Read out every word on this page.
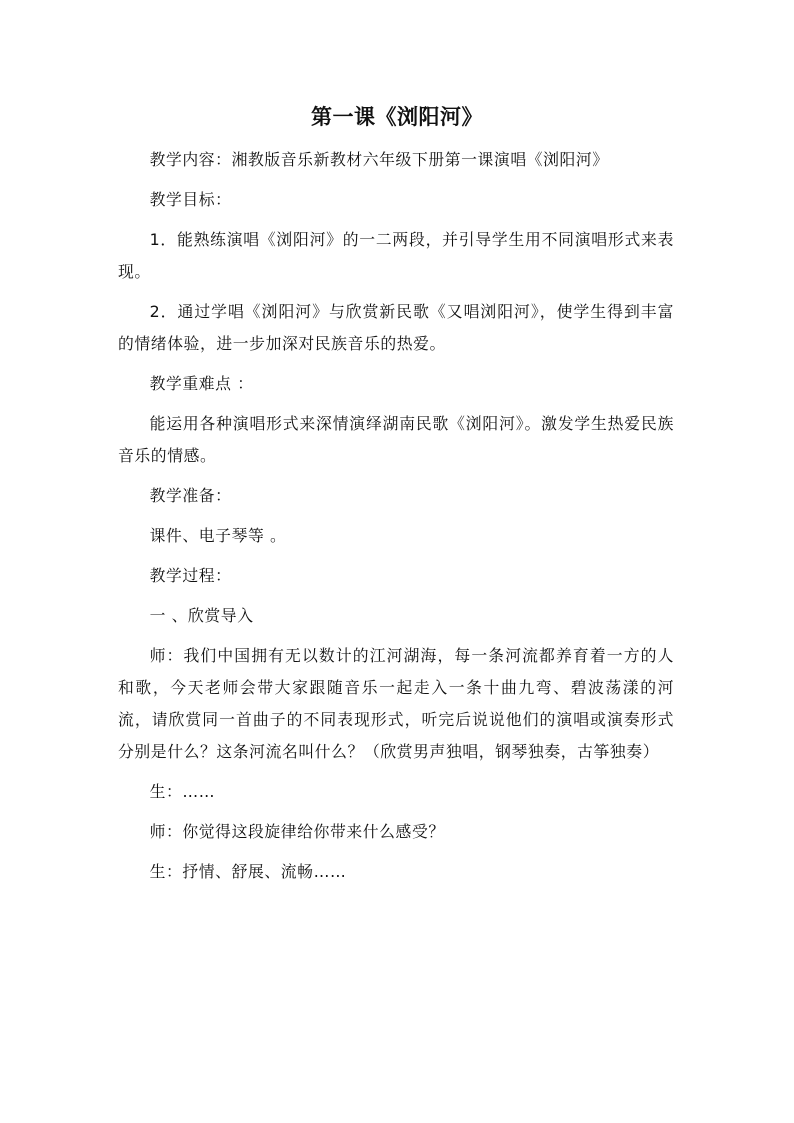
第一课《浏阳河》

教学内容：湘教版音乐新教材六年级下册第一课演唱《浏阳河》

教学目标：

1．能熟练演唱《浏阳河》的一二两段，并引导学生用不同演唱形式来表现。

2．通过学唱《浏阳河》与欣赏新民歌《又唱浏阳河》，使学生得到丰富的情绪体验，进一步加深对民族音乐的热爱。

教学重难点 ：

能运用各种演唱形式来深情演绎湖南民歌《浏阳河》。激发学生热爱民族音乐的情感。

教学准备：

课件、电子琴等 。

教学过程：

一 、欣赏导入

师：我们中国拥有无以数计的江河湖海，每一条河流都养育着一方的人和歌，今天老师会带大家跟随音乐一起走入一条十曲九弯、碧波荡漾的河流，请欣赏同一首曲子的不同表现形式，听完后说说他们的演唱或演奏形式分别是什么？这条河流名叫什么？（欣赏男声独唱，钢琴独奏，古筝独奏）

生：……

师：你觉得这段旋律给你带来什么感受？

生：抒情、舒展、流畅……
